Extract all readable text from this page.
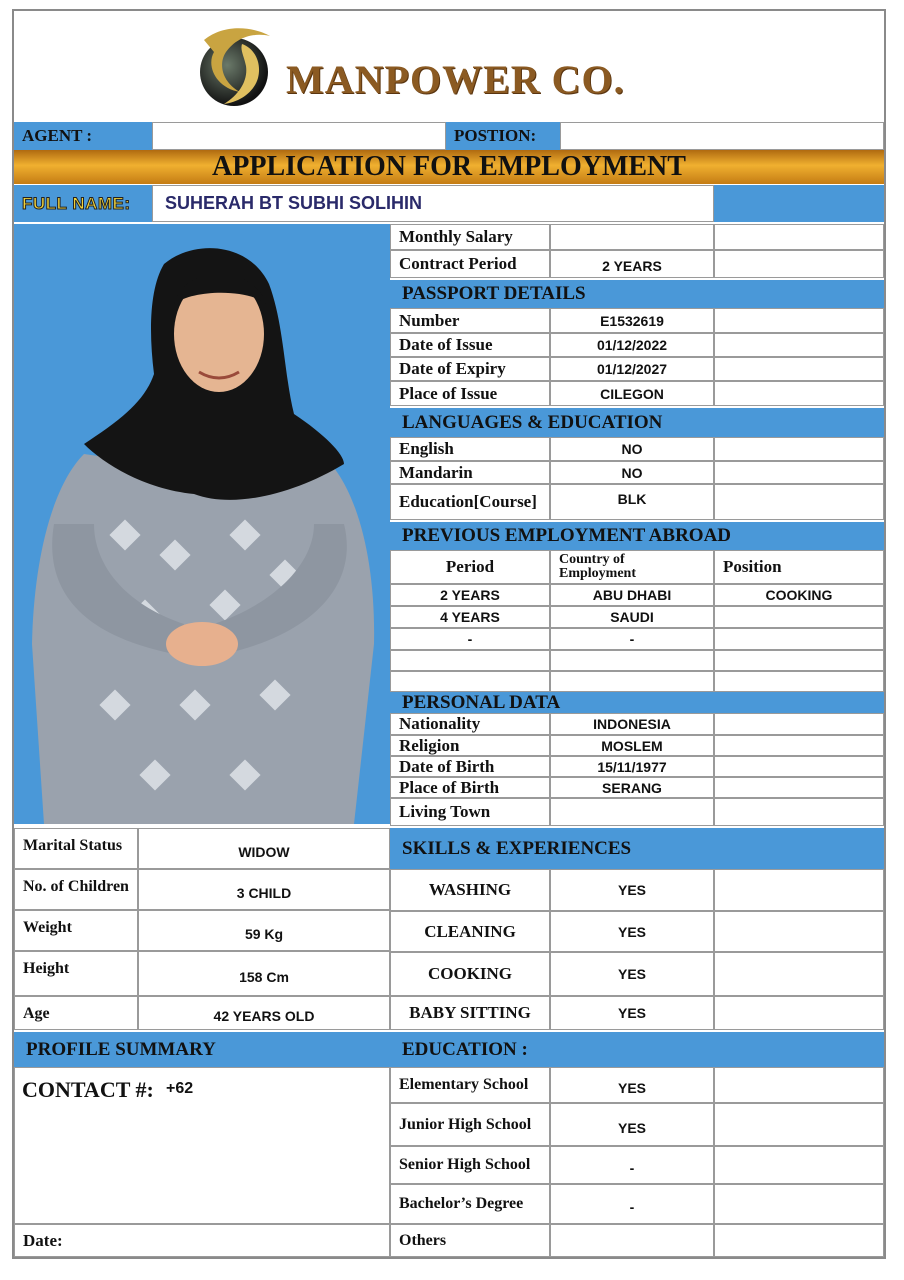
MANPOWER CO.
AGENT :	POSTION:
APPLICATION FOR EMPLOYMENT
FULL NAME: SUHERAH BT SUBHI SOLIHIN
Monthly Salary
Contract Period	2 YEARS
PASSPORT DETAILS
Number	E1532619
Date of Issue	01/12/2022
Date of Expiry	01/12/2027
Place of Issue	CILEGON
LANGUAGES & EDUCATION
English	NO
Mandarin	NO
Education[Course]	BLK
PREVIOUS EMPLOYMENT ABROAD
Period	Country of Employment	Position
2 YEARS	ABU DHABI	COOKING
4 YEARS	SAUDI
-	-
PERSONAL DATA
Nationality	INDONESIA
Religion	MOSLEM
Date of Birth	15/11/1977
Place of Birth	SERANG
Living Town
Marital Status	WIDOW
No. of Children	3 CHILD
Weight	59 Kg
Height	158 Cm
Age	42 YEARS OLD
SKILLS & EXPERIENCES
WASHING	YES
CLEANING	YES
COOKING	YES
BABY SITTING	YES
PROFILE SUMMARY
CONTACT #: +62
Date:
EDUCATION :
Elementary School	YES
Junior High School	YES
Senior High School	-
Bachelor’s Degree	-
Others
